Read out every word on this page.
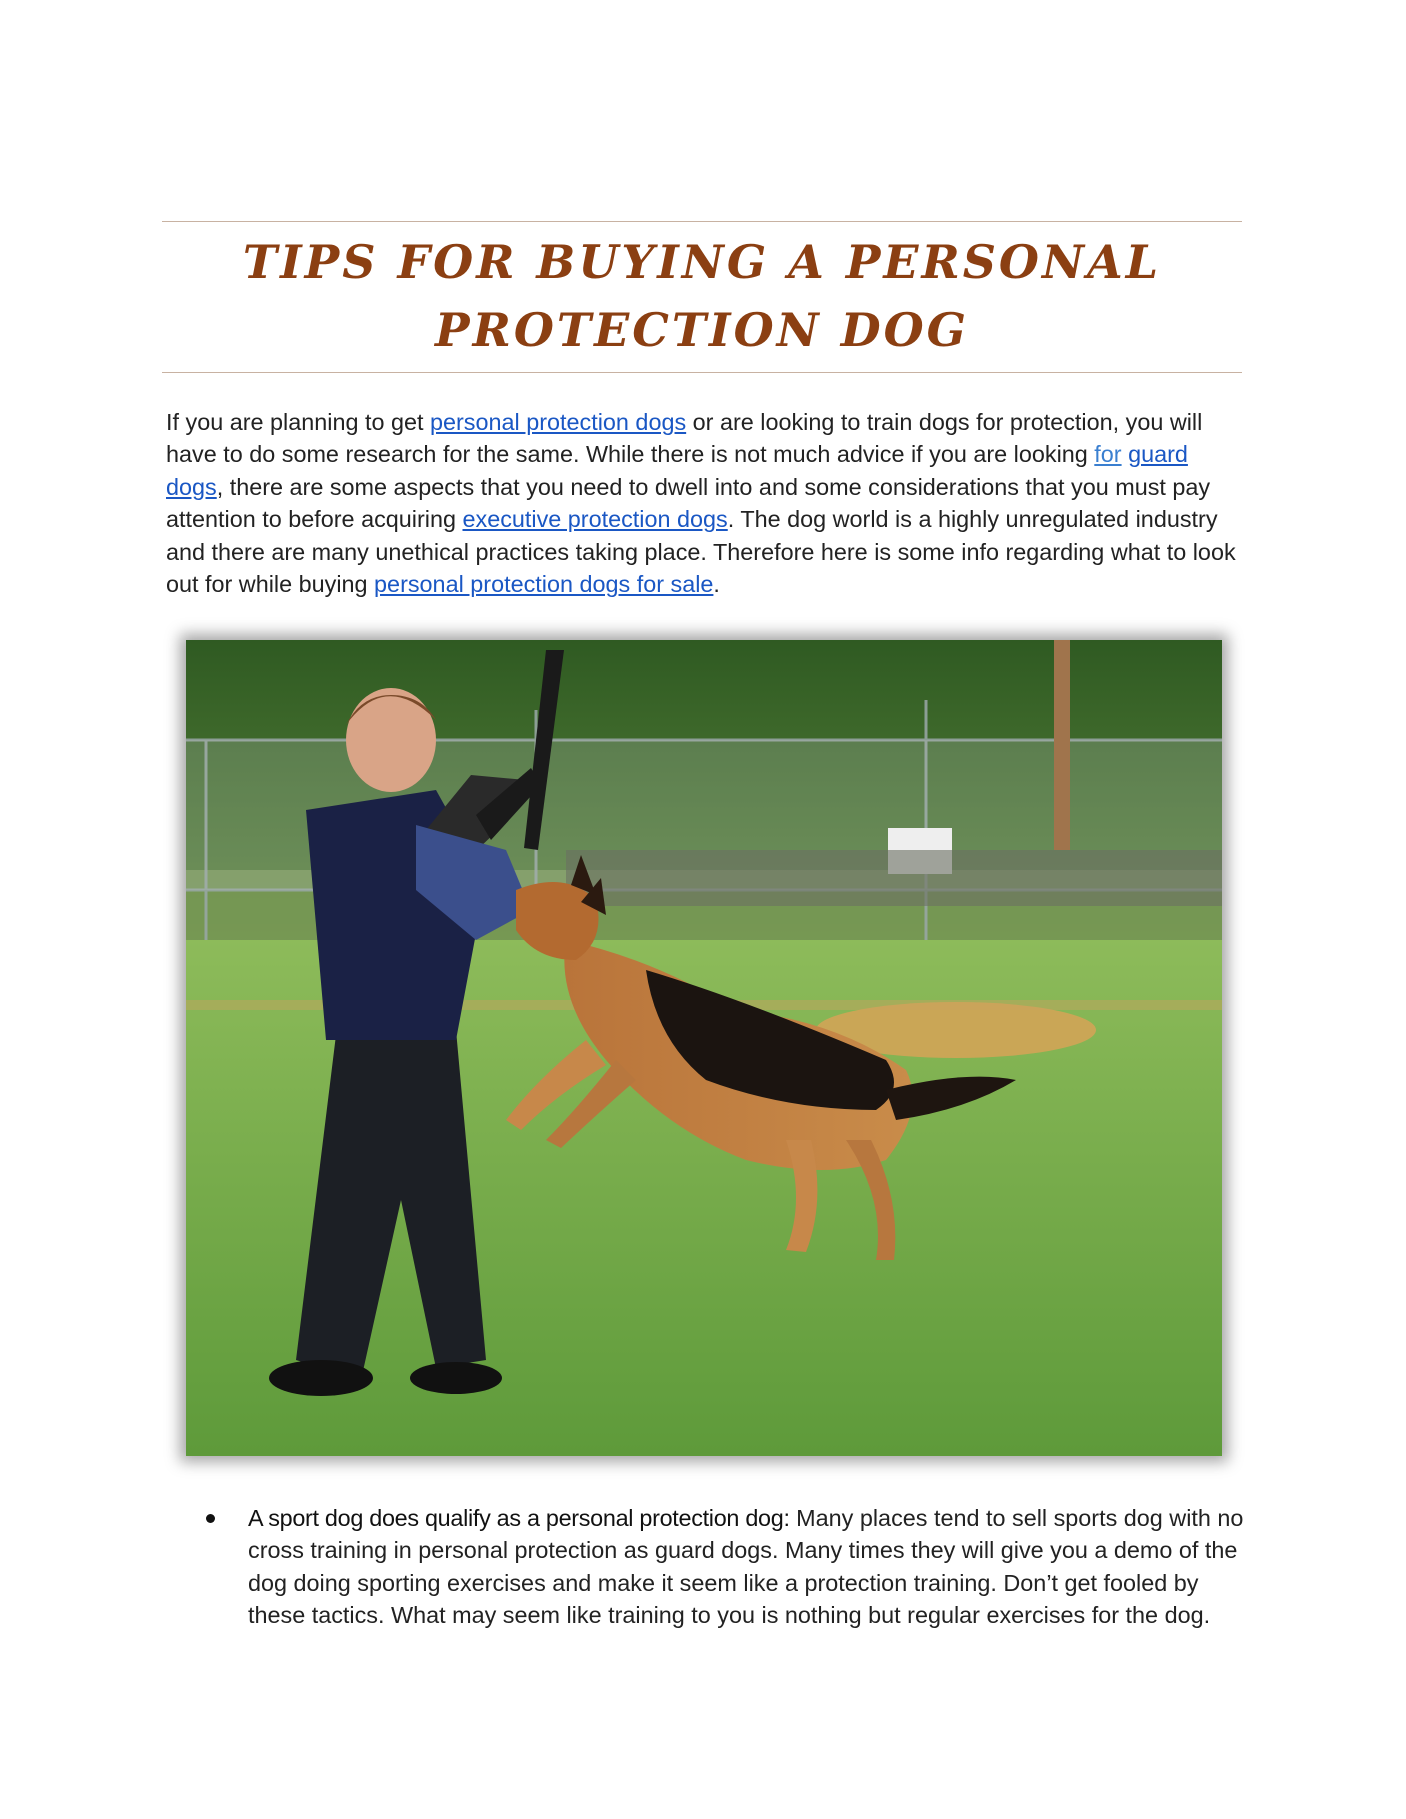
TIPS FOR BUYING A PERSONAL
PROTECTION DOG

If you are planning to get personal protection dogs or are looking to train dogs for protection, you will have to do some research for the same. While there is not much advice if you are looking for guard dogs, there are some aspects that you need to dwell into and some considerations that you must pay attention to before acquiring executive protection dogs. The dog world is a highly unregulated industry and there are many unethical practices taking place. Therefore here is some info regarding what to look out for while buying personal protection dogs for sale.

A sport dog does qualify as a personal protection dog: Many places tend to sell sports dog with no cross training in personal protection as guard dogs. Many times they will give you a demo of the dog doing sporting exercises and make it seem like a protection training. Don’t get fooled by these tactics. What may seem like training to you is nothing but regular exercises for the dog.
